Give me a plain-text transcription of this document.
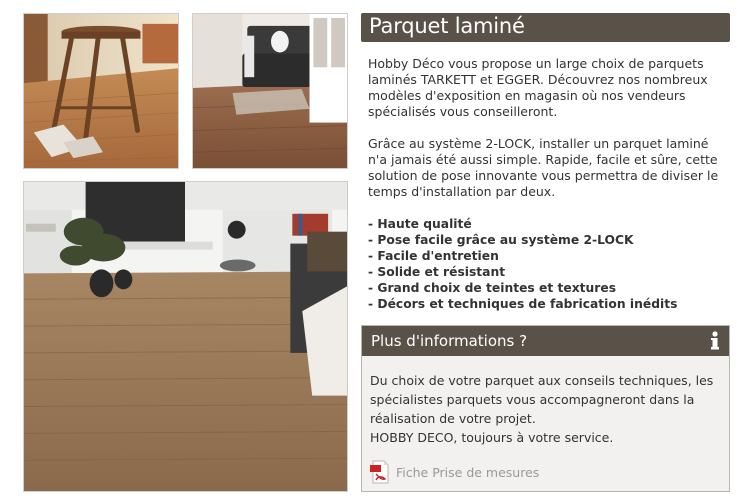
Parquet laminé

Hobby Déco vous propose un large choix de parquets laminés TARKETT et EGGER. Découvrez nos nombreux modèles d'exposition en magasin où nos vendeurs spécialisés vous conseilleront.

Grâce au système 2-LOCK, installer un parquet laminé n'a jamais été aussi simple. Rapide, facile et sûre, cette solution de pose innovante vous permettra de diviser le temps d'installation par deux.

- Haute qualité
- Pose facile grâce au système 2-LOCK
- Facile d'entretien
- Solide et résistant
- Grand choix de teintes et textures
- Décors et techniques de fabrication inédits
Plus d'informations ?

Du choix de votre parquet aux conseils techniques, les spécialistes parquets vous accompagneront dans la réalisation de votre projet.

HOBBY DECO, toujours à votre service.

Fiche Prise de mesures
